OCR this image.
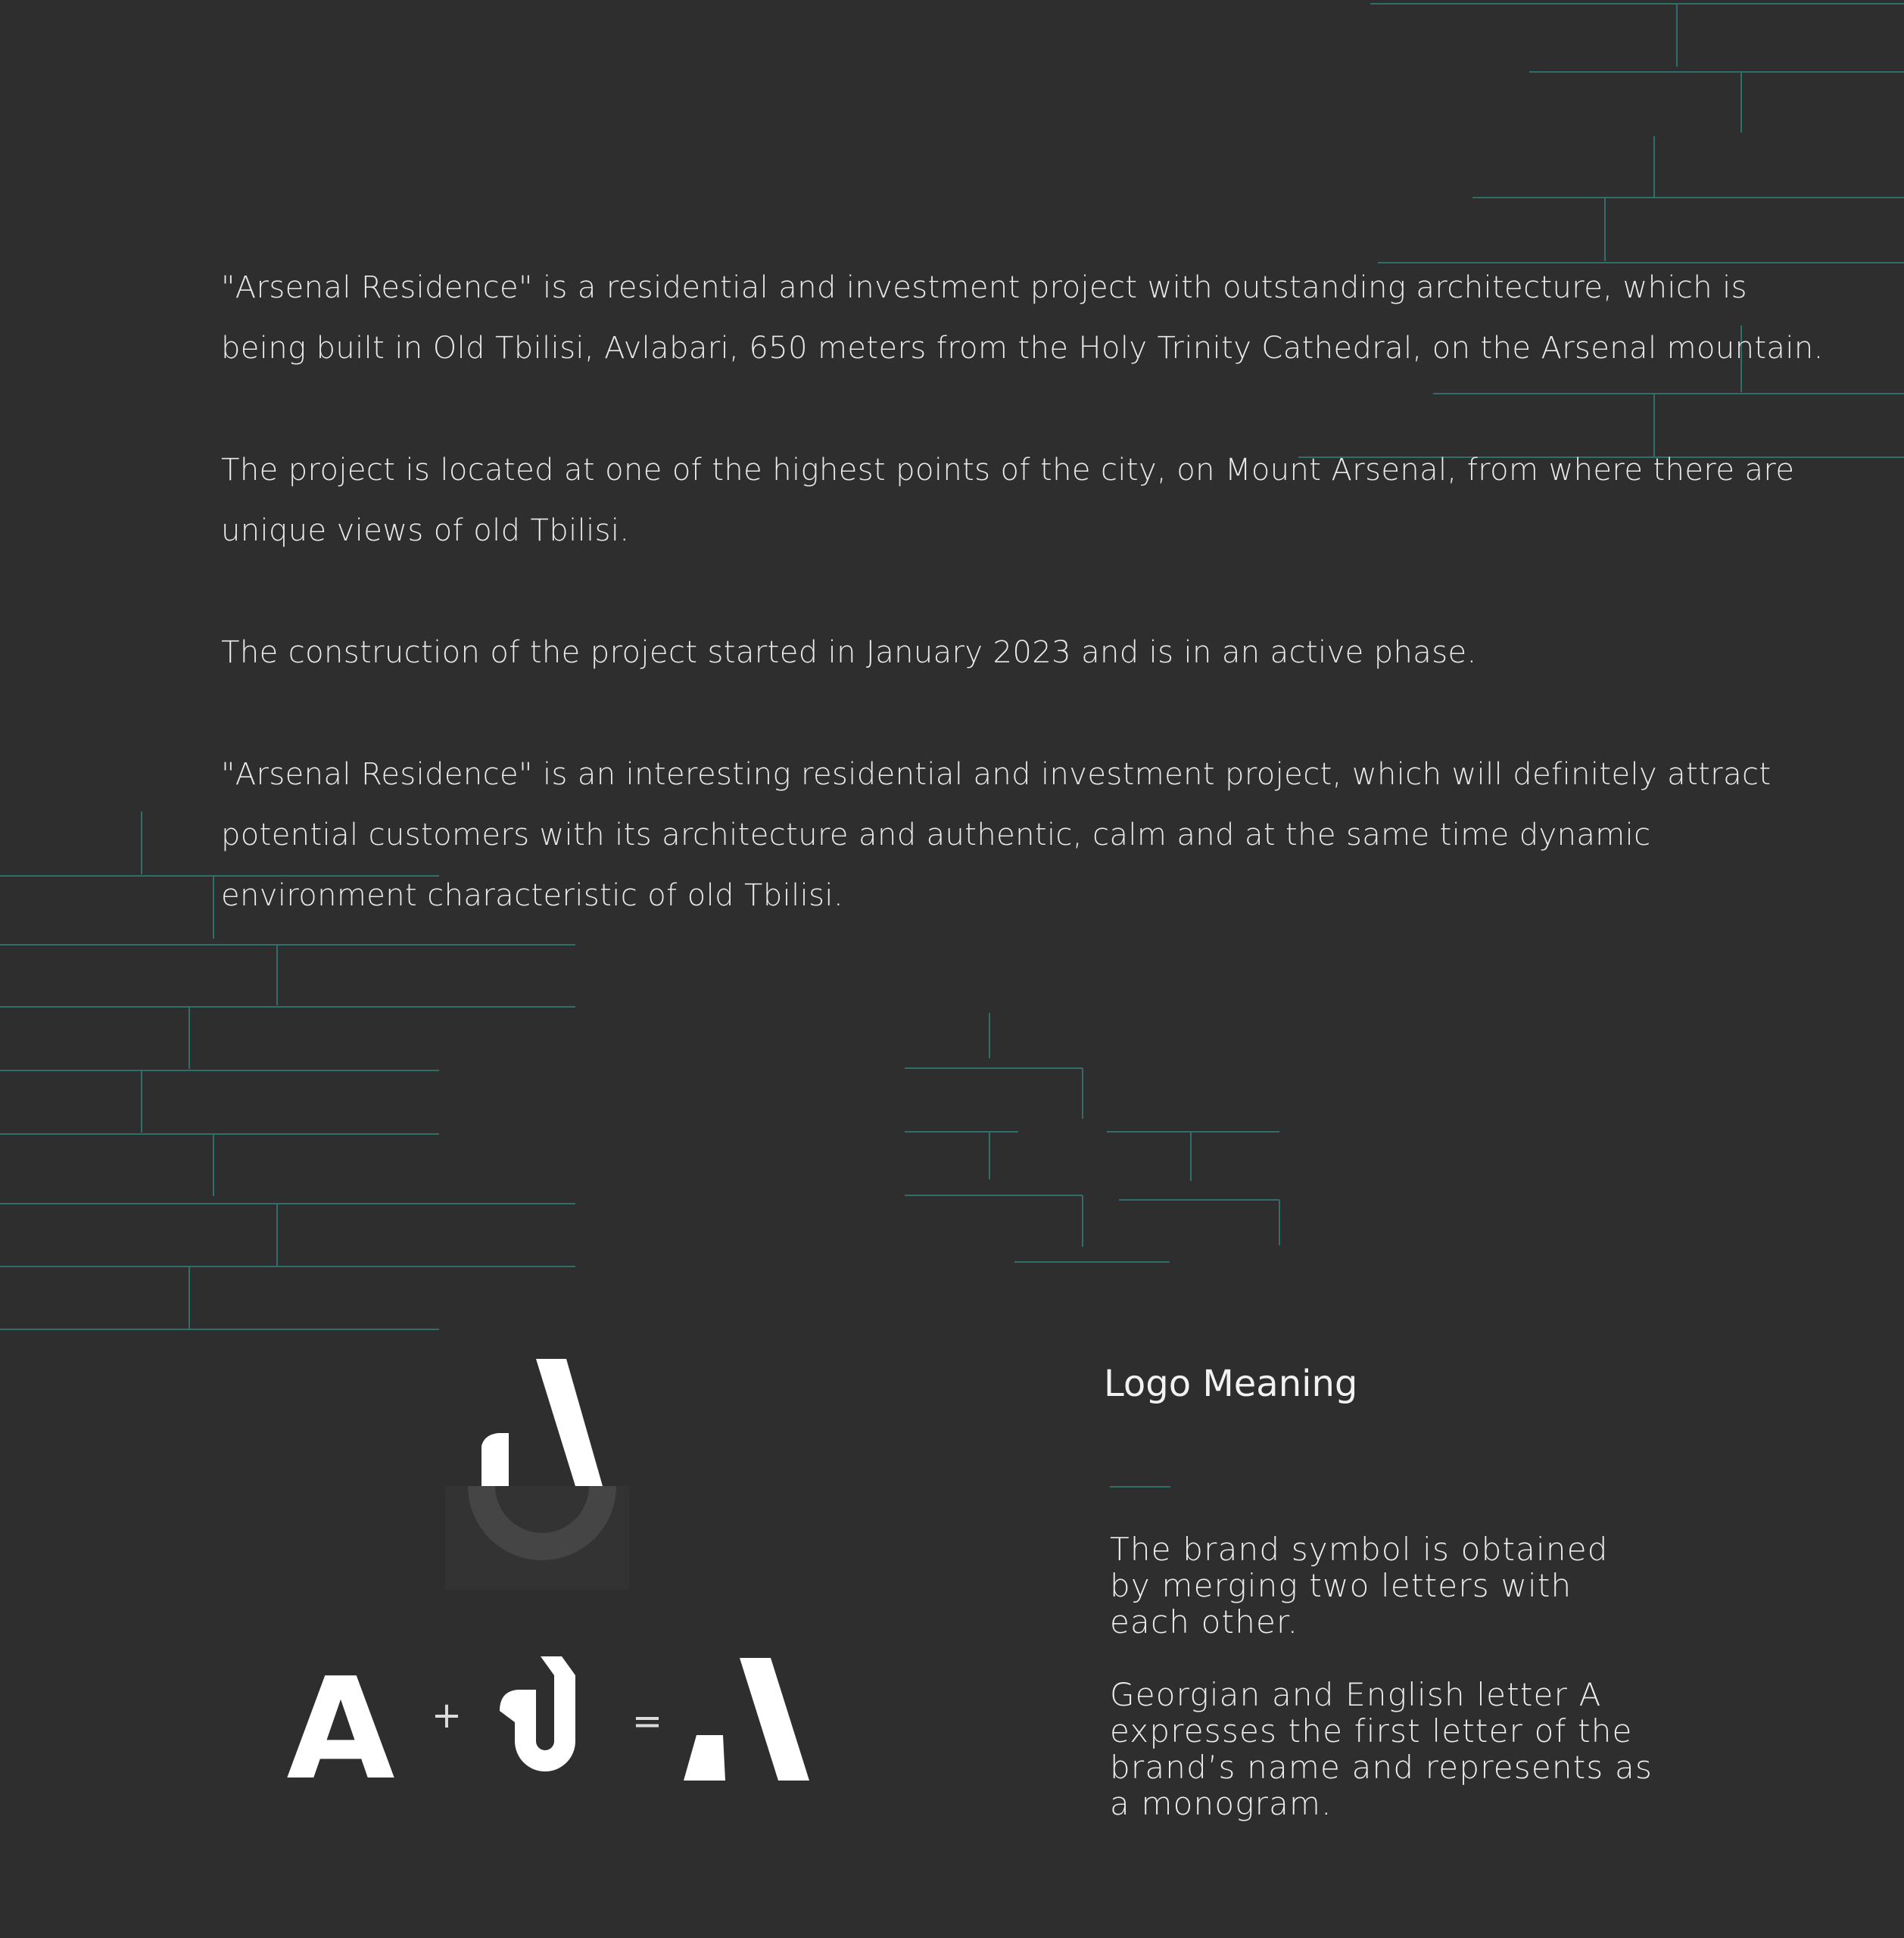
"Arsenal Residence" is a residential and investment project with outstanding architecture, which is being built in Old Tbilisi, Avlabari, 650 meters from the Holy Trinity Cathedral, on the Arsenal mountain.

The project is located at one of the highest points of the city, on Mount Arsenal, from where there are unique views of old Tbilisi.

The construction of the project started in January 2023 and is in an active phase.

"Arsenal Residence" is an interesting residential and investment project, which will definitely attract potential customers with its architecture and authentic, calm and at the same time dynamic environment characteristic of old Tbilisi.

A +	=
Logo Meaning

The brand symbol is obtained by merging two letters with each other.

Georgian and English letter A expresses the first letter of the brand’s name and represents as a monogram.
